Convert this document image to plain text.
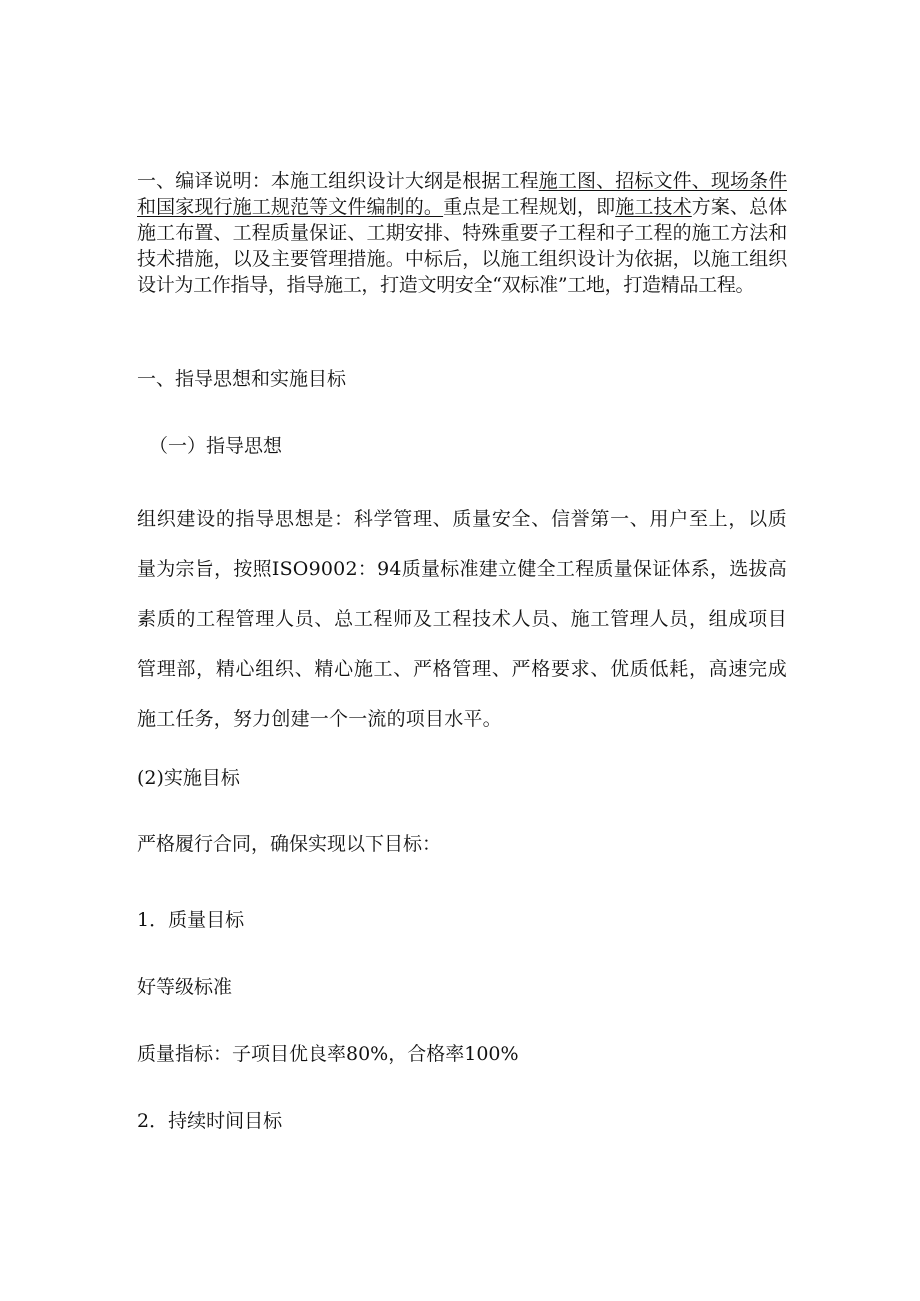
一、编译说明：本施工组织设计大纲是根据工程施工图、招标文件、现场条件和国家现行施工规范等文件编制的。重点是工程规划，即施工技术方案、总体施工布置、工程质量保证、工期安排、特殊重要子工程和子工程的施工方法和技术措施，以及主要管理措施。中标后，以施工组织设计为依据，以施工组织设计为工作指导，指导施工，打造文明安全“双标准”工地，打造精品工程。
一、指导思想和实施目标
（一）指导思想
组织建设的指导思想是：科学管理、质量安全、信誉第一、用户至上，以质量为宗旨，按照ISO9002：94质量标准建立健全工程质量保证体系，选拔高素质的工程管理人员、总工程师及工程技术人员、施工管理人员，组成项目管理部，精心组织、精心施工、严格管理、严格要求、优质低耗，高速完成施工任务，努力创建一个一流的项目水平。
(2)实施目标
严格履行合同，确保实现以下目标：
1．质量目标
好等级标准
质量指标：子项目优良率80%，合格率100%
2．持续时间目标
